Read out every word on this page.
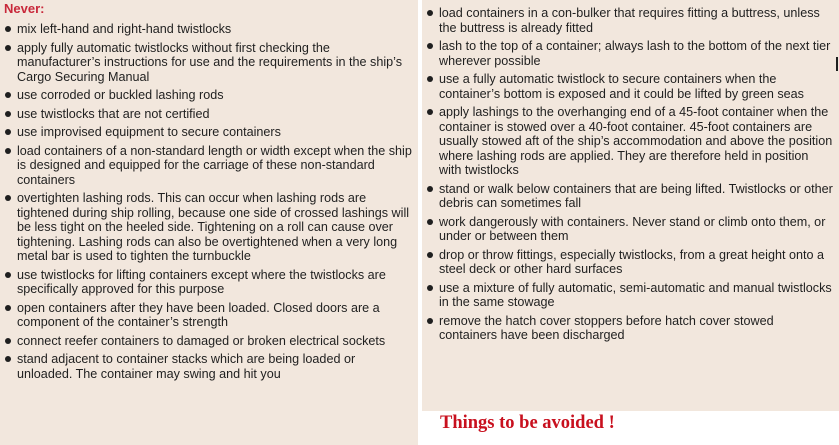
Never:
mix left-hand and right-hand twistlocks
apply fully automatic twistlocks without first checking the manufacturer’s instructions for use and the requirements in the ship’s Cargo Securing Manual
use corroded or buckled lashing rods
use twistlocks that are not certified
use improvised equipment to secure containers
load containers of a non-standard length or width except when the ship is designed and equipped for the carriage of these non-standard containers
overtighten lashing rods. This can occur when lashing rods are tightened during ship rolling, because one side of crossed lashings will be less tight on the heeled side. Tightening on a roll can cause over tightening. Lashing rods can also be overtightened when a very long metal bar is used to tighten the turnbuckle
use twistlocks for lifting containers except where the twistlocks are specifically approved for this purpose
open containers after they have been loaded. Closed doors are a component of the container’s strength
connect reefer containers to damaged or broken electrical sockets
stand adjacent to container stacks which are being loaded or unloaded. The container may swing and hit you
load containers in a con-bulker that requires fitting a buttress, unless the buttress is already fitted
lash to the top of a container; always lash to the bottom of the next tier wherever possible
use a fully automatic twistlock to secure containers when the container’s bottom is exposed and it could be lifted by green seas
apply lashings to the overhanging end of a 45-foot container when the container is stowed over a 40-foot container. 45-foot containers are usually stowed aft of the ship’s accommodation and above the position where lashing rods are applied. They are therefore held in position with twistlocks
stand or walk below containers that are being lifted. Twistlocks or other debris can sometimes fall
work dangerously with containers. Never stand or climb onto them, or under or between them
drop or throw fittings, especially twistlocks, from a great height onto a steel deck or other hard surfaces
use a mixture of fully automatic, semi-automatic and manual twistlocks in the same stowage
remove the hatch cover stoppers before hatch cover stowed containers have been discharged
Things to be avoided !
